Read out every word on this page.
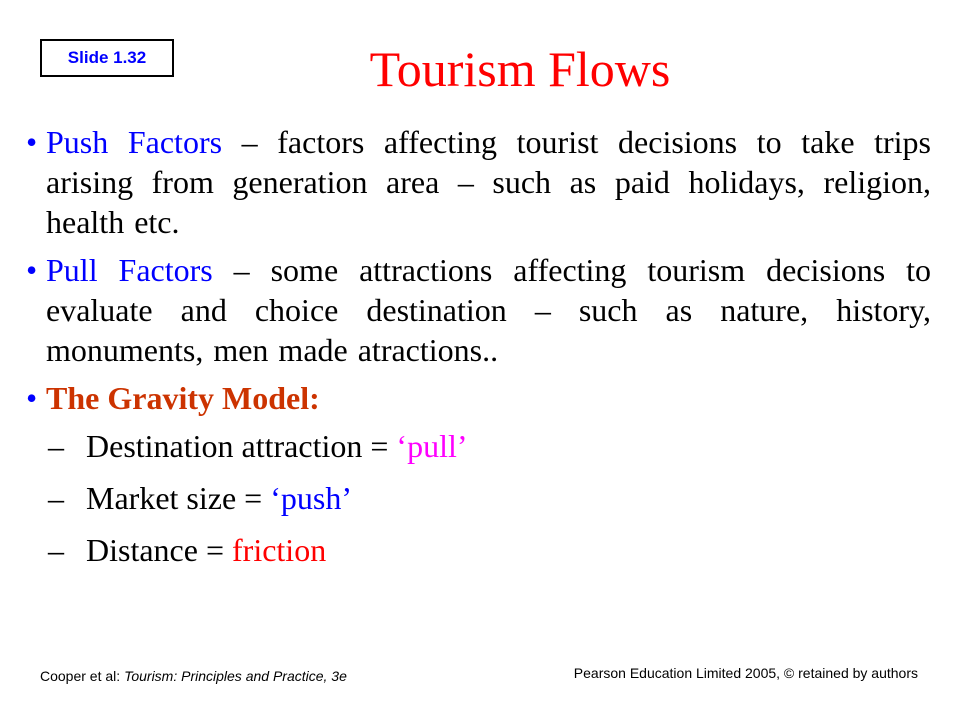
Slide 1.32	Tourism Flows
• Push Factors – factors affecting tourist decisions to take trips arising from generation area – such as paid holidays, religion, health etc.
• Pull Factors – some attractions affecting tourism decisions to evaluate and choice destination – such as nature, history, monuments, men made atractions..
• The Gravity Model:
– Destination attraction = ‘pull’
– Market size = ‘push’
– Distance = friction
Cooper et al: Tourism: Principles and Practice, 3e	Pearson Education Limited 2005, © retained by authors
